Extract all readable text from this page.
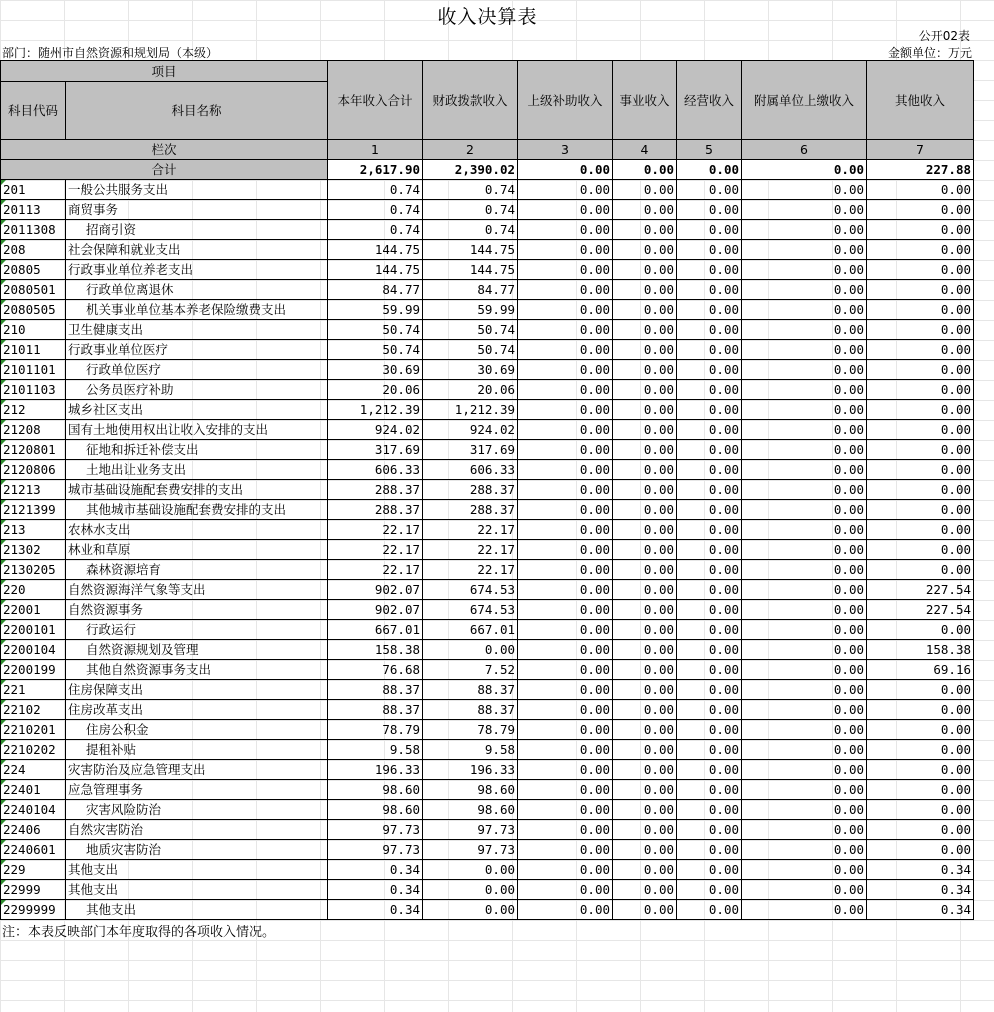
收入决算表
公开02表
部门：随州市自然资源和规划局（本级）	金额单位：万元
项目		本年收入合计	财政拨款收入	上级补助收入	事业收入	经营收入	附属单位上缴收入	其他收入
科目代码	科目名称							
栏次		1	2	3	4	5	6	7
合计		2,617.90	2,390.02	0.00	0.00	0.00	0.00	227.88
201	一般公共服务支出	0.74	0.74	0.00	0.00	0.00	0.00	0.00
20113	商贸事务	0.74	0.74	0.00	0.00	0.00	0.00	0.00
2011308	招商引资	0.74	0.74	0.00	0.00	0.00	0.00	0.00
208	社会保障和就业支出	144.75	144.75	0.00	0.00	0.00	0.00	0.00
20805	行政事业单位养老支出	144.75	144.75	0.00	0.00	0.00	0.00	0.00
2080501	行政单位离退休	84.77	84.77	0.00	0.00	0.00	0.00	0.00
2080505	机关事业单位基本养老保险缴费支出	59.99	59.99	0.00	0.00	0.00	0.00	0.00
210	卫生健康支出	50.74	50.74	0.00	0.00	0.00	0.00	0.00
21011	行政事业单位医疗	50.74	50.74	0.00	0.00	0.00	0.00	0.00
2101101	行政单位医疗	30.69	30.69	0.00	0.00	0.00	0.00	0.00
2101103	公务员医疗补助	20.06	20.06	0.00	0.00	0.00	0.00	0.00
212	城乡社区支出	1,212.39	1,212.39	0.00	0.00	0.00	0.00	0.00
21208	国有土地使用权出让收入安排的支出	924.02	924.02	0.00	0.00	0.00	0.00	0.00
2120801	征地和拆迁补偿支出	317.69	317.69	0.00	0.00	0.00	0.00	0.00
2120806	土地出让业务支出	606.33	606.33	0.00	0.00	0.00	0.00	0.00
21213	城市基础设施配套费安排的支出	288.37	288.37	0.00	0.00	0.00	0.00	0.00
2121399	其他城市基础设施配套费安排的支出	288.37	288.37	0.00	0.00	0.00	0.00	0.00
213	农林水支出	22.17	22.17	0.00	0.00	0.00	0.00	0.00
21302	林业和草原	22.17	22.17	0.00	0.00	0.00	0.00	0.00
2130205	森林资源培育	22.17	22.17	0.00	0.00	0.00	0.00	0.00
220	自然资源海洋气象等支出	902.07	674.53	0.00	0.00	0.00	0.00	227.54
22001	自然资源事务	902.07	674.53	0.00	0.00	0.00	0.00	227.54
2200101	行政运行	667.01	667.01	0.00	0.00	0.00	0.00	0.00
2200104	自然资源规划及管理	158.38	0.00	0.00	0.00	0.00	0.00	158.38
2200199	其他自然资源事务支出	76.68	7.52	0.00	0.00	0.00	0.00	69.16
221	住房保障支出	88.37	88.37	0.00	0.00	0.00	0.00	0.00
22102	住房改革支出	88.37	88.37	0.00	0.00	0.00	0.00	0.00
2210201	住房公积金	78.79	78.79	0.00	0.00	0.00	0.00	0.00
2210202	提租补贴	9.58	9.58	0.00	0.00	0.00	0.00	0.00
224	灾害防治及应急管理支出	196.33	196.33	0.00	0.00	0.00	0.00	0.00
22401	应急管理事务	98.60	98.60	0.00	0.00	0.00	0.00	0.00
2240104	灾害风险防治	98.60	98.60	0.00	0.00	0.00	0.00	0.00
22406	自然灾害防治	97.73	97.73	0.00	0.00	0.00	0.00	0.00
2240601	地质灾害防治	97.73	97.73	0.00	0.00	0.00	0.00	0.00
229	其他支出	0.34	0.00	0.00	0.00	0.00	0.00	0.34
22999	其他支出	0.34	0.00	0.00	0.00	0.00	0.00	0.34
2299999	其他支出	0.34	0.00	0.00	0.00	0.00	0.00	0.34
注：本表反映部门本年度取得的各项收入情况。
